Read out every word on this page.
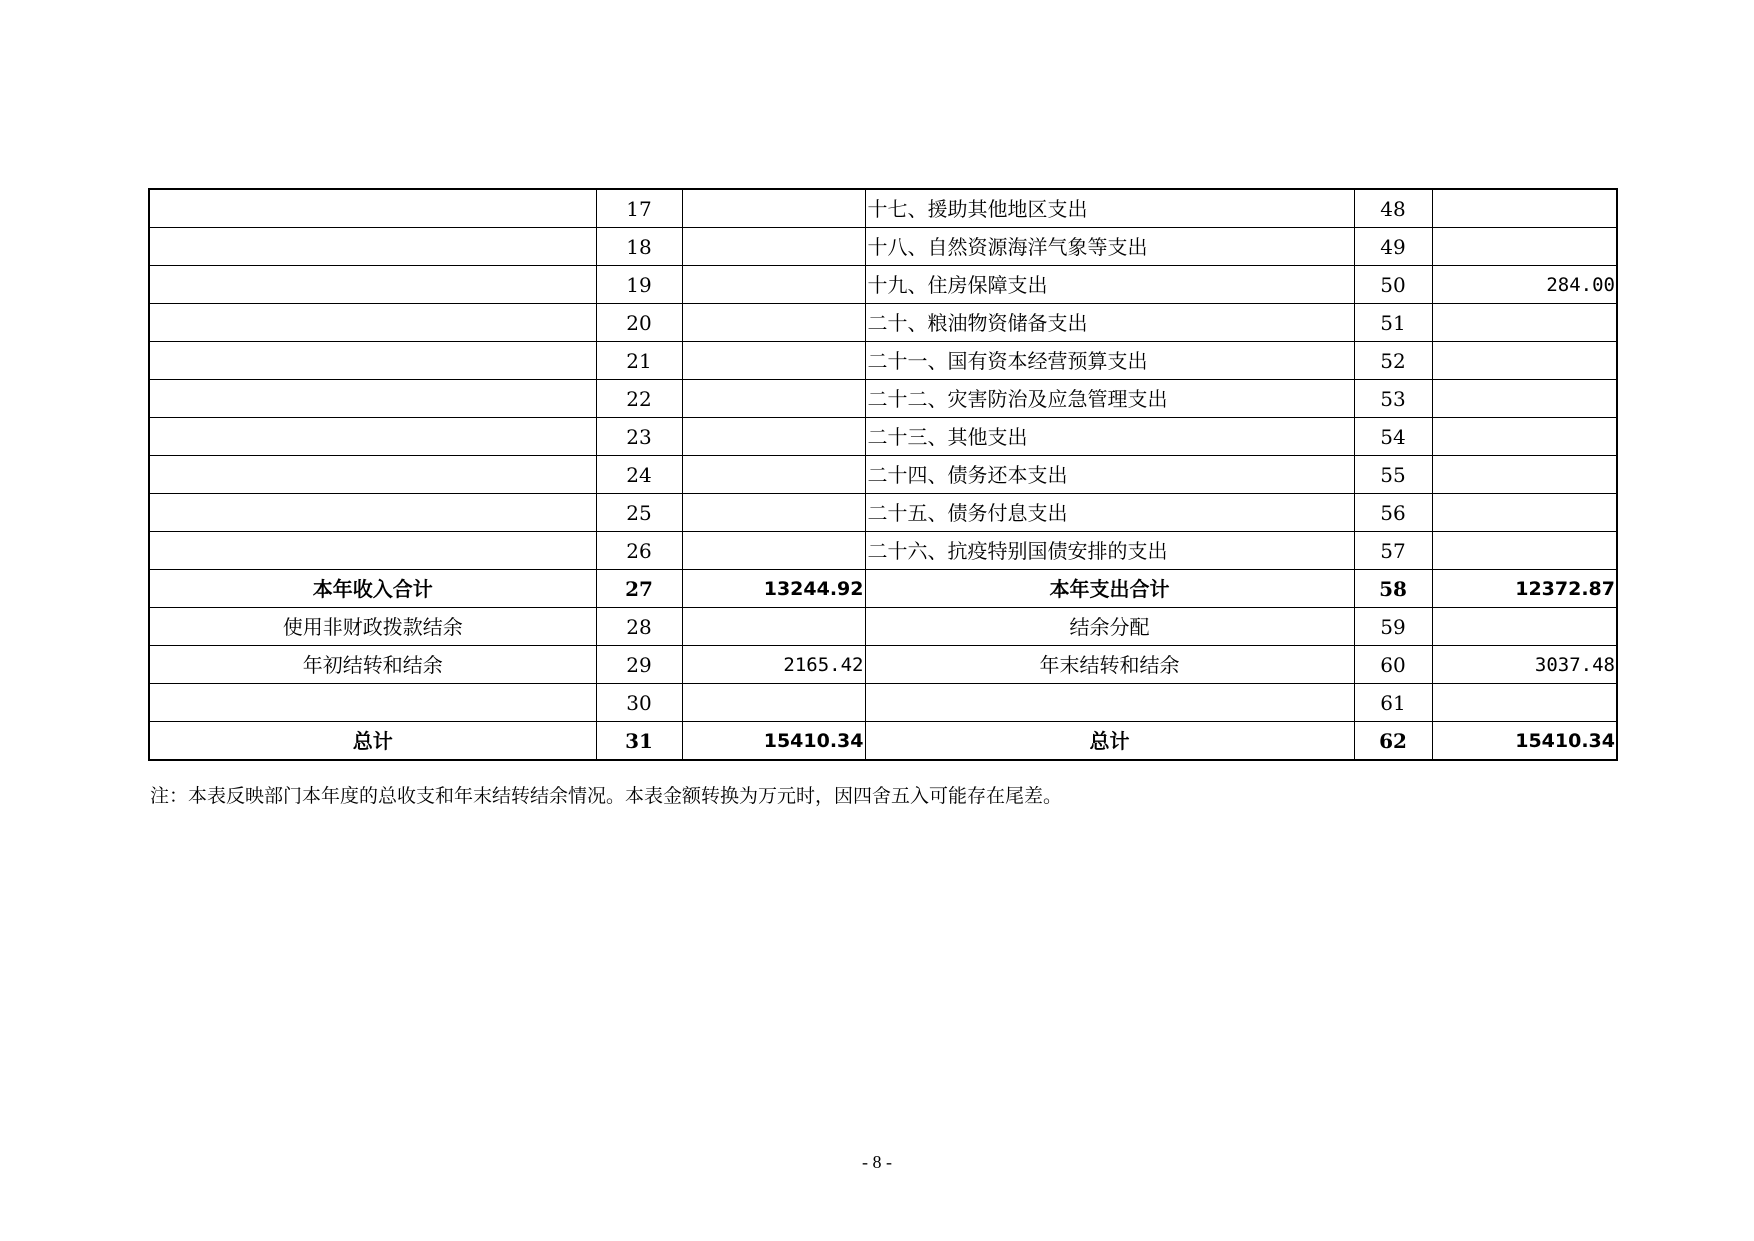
	17		十七、援助其他地区支出	48	
	18		十八、自然资源海洋气象等支出	49	
	19		十九、住房保障支出	50	284.00
	20		二十、粮油物资储备支出	51	
	21		二十一、国有资本经营预算支出	52	
	22		二十二、灾害防治及应急管理支出	53	
	23		二十三、其他支出	54	
	24		二十四、债务还本支出	55	
	25		二十五、债务付息支出	56	
	26		二十六、抗疫特别国债安排的支出	57	
本年收入合计	27	13244.92	本年支出合计	58	12372.87
使用非财政拨款结余	28		结余分配	59	
年初结转和结余	29	2165.42	年末结转和结余	60	3037.48
	30			61	
总计	31	15410.34	总计	62	15410.34
注：本表反映部门本年度的总收支和年末结转结余情况。本表金额转换为万元时，因四舍五入可能存在尾差。
- 8 -
